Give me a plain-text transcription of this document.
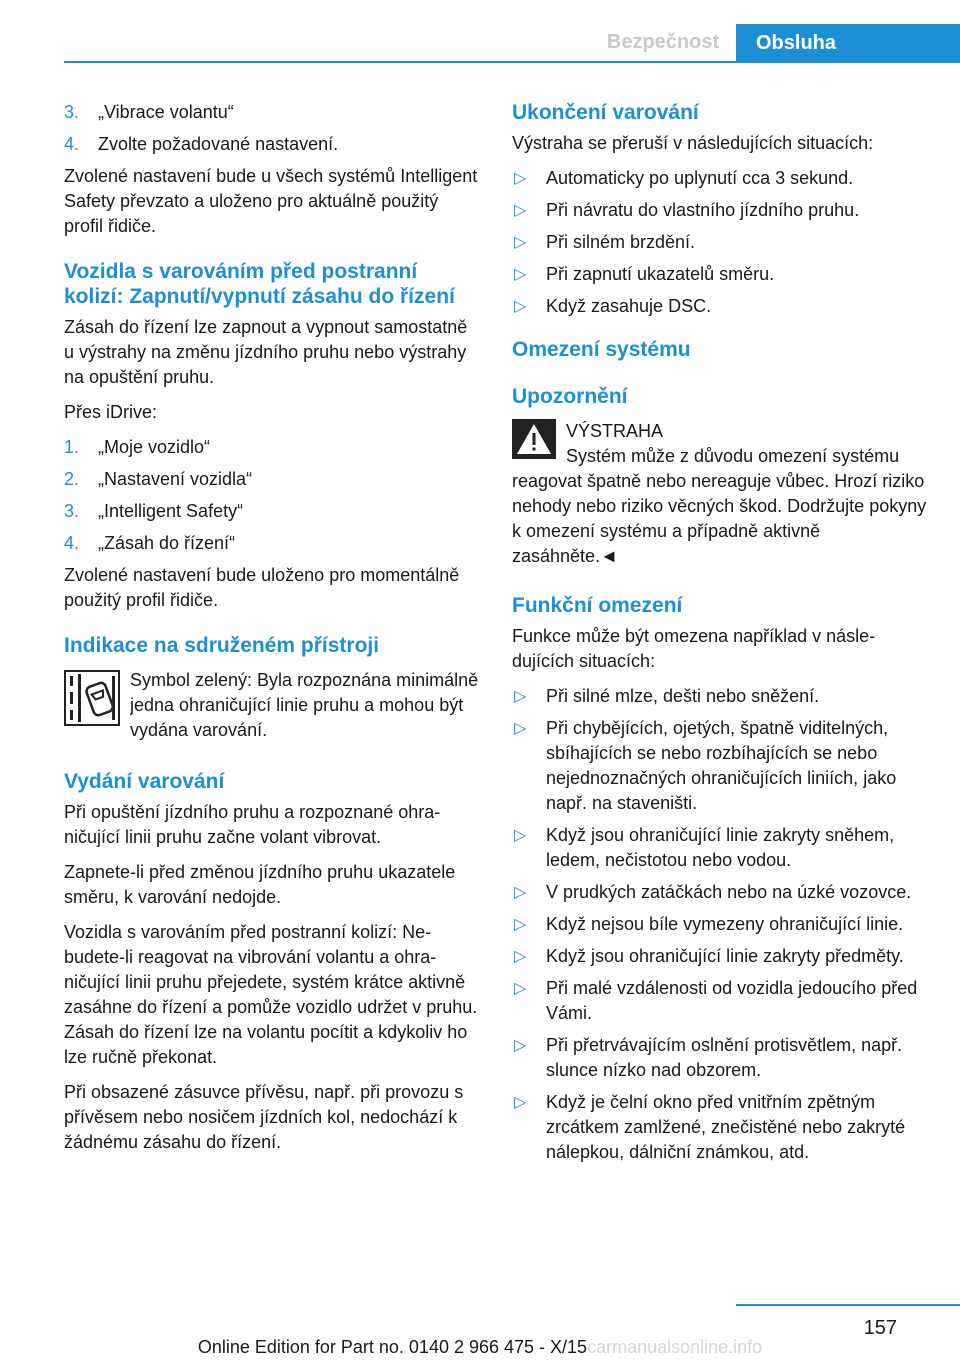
Bezpečnost	Obsluha
3. „Vibrace volantu“
4. Zvolte požadované nastavení.

Zvolené nastavení bude u všech systémů Intelligent Safety převzato a uloženo pro aktuálně použitý profil řidiče.

Vozidla s varováním před postranní kolizí: Zapnutí/vypnutí zásahu do řízení

Zásah do řízení lze zapnout a vypnout samostatně u výstrahy na změnu jízdního pruhu nebo výstrahy na opuštění pruhu.

Přes iDrive:

1. „Moje vozidlo“
2. „Nastavení vozidla“
3. „Intelligent Safety“
4. „Zásah do řízení“

Zvolené nastavení bude uloženo pro momentálně použitý profil řidiče.

Indikace na sdruženém přístroji

Symbol zelený: Byla rozpoznána minimálně jedna ohraničující linie pruhu a mohou být vydána varování.

Vydání varování

Při opuštění jízdního pruhu a rozpoznané ohraničující linii pruhu začne volant vibrovat.

Zapnete-li před změnou jízdního pruhu ukazatele směru, k varování nedojde.

Vozidla s varováním před postranní kolizí: Nebudete-li reagovat na vibrování volantu a ohraničující linii pruhu přejedete, systém krátce aktivně zasáhne do řízení a pomůže vozidlo udržet v pruhu. Zásah do řízení lze na volantu pocítit a kdykoliv ho lze ručně překonat.

Při obsazené zásuvce přívěsu, např. při provozu s přívěsem nebo nosičem jízdních kol, nedochází k žádnému zásahu do řízení.

Ukončení varování

Výstraha se přeruší v následujících situacích:

▷ Automaticky po uplynutí cca 3 sekund.
▷ Při návratu do vlastního jízdního pruhu.
▷ Při silném brzdění.
▷ Při zapnutí ukazatelů směru.
▷ Když zasahuje DSC.
Omezení systému
Upozornění

VÝSTRAHA

Systém může z důvodu omezení systému reagovat špatně nebo nereaguje vůbec. Hrozí riziko nehody nebo riziko věcných škod. Dodržujte pokyny k omezení systému a případně aktivně zasáhněte.◄

Funkční omezení

Funkce může být omezena například v následujících situacích:

▷ Při silné mlze, dešti nebo sněžení.
▷ Při chybějících, ojetých, špatně viditelných, sbíhajících se nebo rozbíhajících se nebo nejednoznačných ohraničujících liniích, jako např. na staveništi.
▷ Když jsou ohraničující linie zakryty sněhem, ledem, nečistotou nebo vodou.
▷ V prudkých zatáčkách nebo na úzké vozovce.
▷ Když nejsou bíle vymezeny ohraničující linie.
▷ Když jsou ohraničující linie zakryty předměty.
▷ Při malé vzdálenosti od vozidla jedoucího před Vámi.
▷ Při přetrvávajícím oslnění protisvětlem, např. slunce nízko nad obzorem.
▷ Když je čelní okno před vnitřním zpětným zrcátkem zamlžené, znečistěné nebo zakryté nálepkou, dálniční známkou, atd.
157
Online Edition for Part no. 0140 2 966 475 - X/15carmanualsonline.info
